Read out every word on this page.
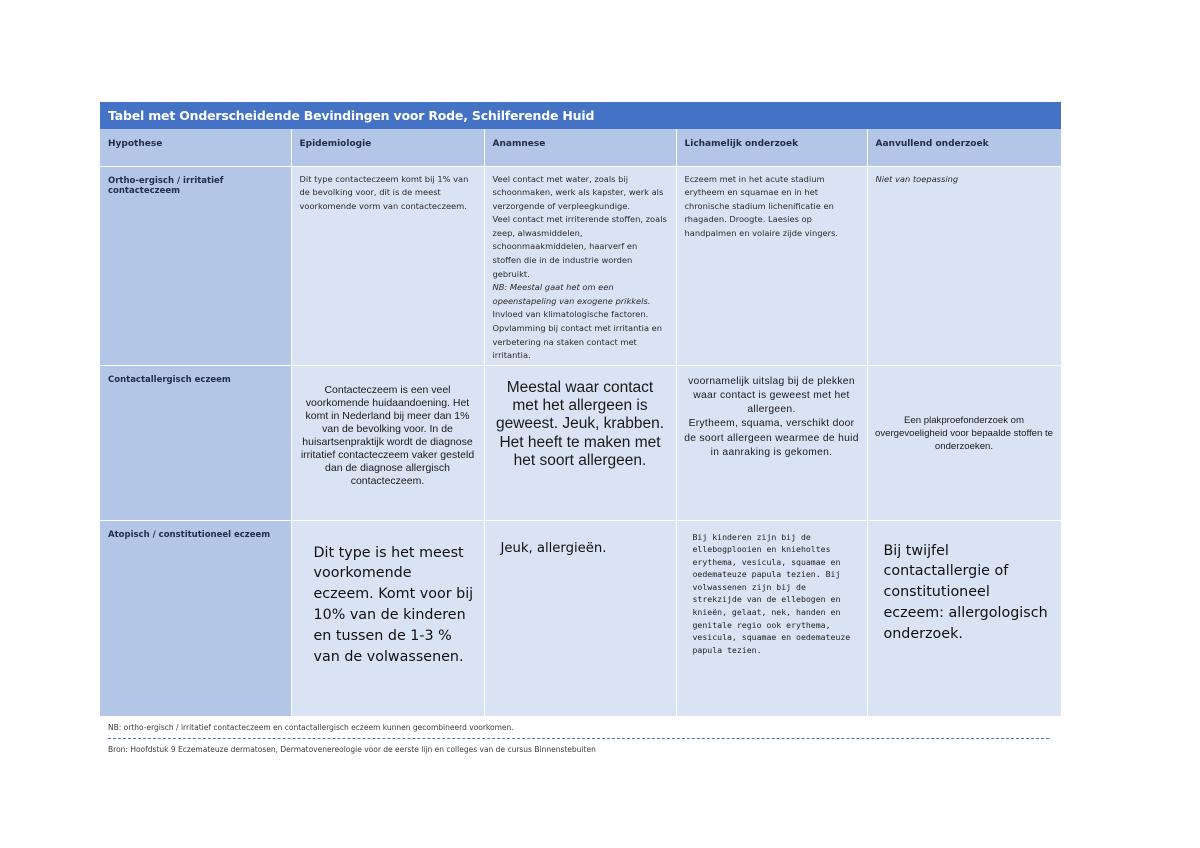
Tabel met Onderscheidende Bevindingen voor Rode, Schilferende Huid
Hypothese	Epidemiologie	Anamnese	Lichamelijk onderzoek	Aanvullend onderzoek
Ortho-ergisch / irritatief contacteczeem	Dit type contacteczeem komt bij 1% van de bevolking voor, dit is de meest voorkomende vorm van contacteczeem.	Veel contact met water, zoals bij schoonmaken, werk als kapster, werk als verzorgende of verpleegkundige.
Veel contact met irriterende stoffen, zoals zeep, alwasmiddelen, schoonmaakmiddelen, haarverf en stoffen die in de industrie worden gebruikt.
NB: Meestal gaat het om een opeenstapeling van exogene prikkels.
Invloed van klimatologische factoren.
Opvlamming bij contact met irritantia en verbetering na staken contact met irritantia.	Eczeem met in het acute stadium erytheem en squamae en in het chronische stadium lichenificatie en rhagaden. Droogte. Laesies op handpalmen en volaire zijde vingers.	Niet van toepassing

Contactallergisch eczeem	Contacteczeem is een veel voorkomende huidaandoening. Het komt in Nederland bij meer dan 1% van de bevolking voor. In de huisartsenpraktijk wordt de diagnose irritatief contacteczeem vaker gesteld dan de diagnose allergisch contacteczeem.	Meestal waar contact met het allergeen is geweest. Jeuk, krabben. Het heeft te maken met het soort allergeen.	voornamelijk uitslag bij de plekken waar contact is geweest met het allergeen.
Erytheem, squama, verschikt door de soort allergeen wearmee de huid in aanraking is gekomen.	Een plakproefonderzoek om overgevoeligheid voor bepaalde stoffen te onderzoeken.

Atopisch / constitutioneel eczeem	Dit type is het meest voorkomende eczeem. Komt voor bij 10% van de kinderen en tussen de 1-3 % van de volwassenen.	Jeuk, allergieën.	Bij kinderen zijn bij de ellebogplooien en knieholtes erythema, vesicula, squamae en oedemateuze papula tezien. Bij volwassenen zijn bij de strekzijde van de ellebogen en knieën, gelaat, nek, handen en genitale regio ook erythema, vesicula, squamae en oedemateuze papula tezien.	Bij twijfel contactallergie of constitutioneel eczeem: allergologisch onderzoek.
NB: ortho-ergisch / irritatief contacteczeem en contactallergisch eczeem kunnen gecombineerd voorkomen.
Bron: Hoofdstuk 9 Eczemateuze dermatosen, Dermatovenereologie voor de eerste lijn en colleges van de cursus Binnenstebuiten
